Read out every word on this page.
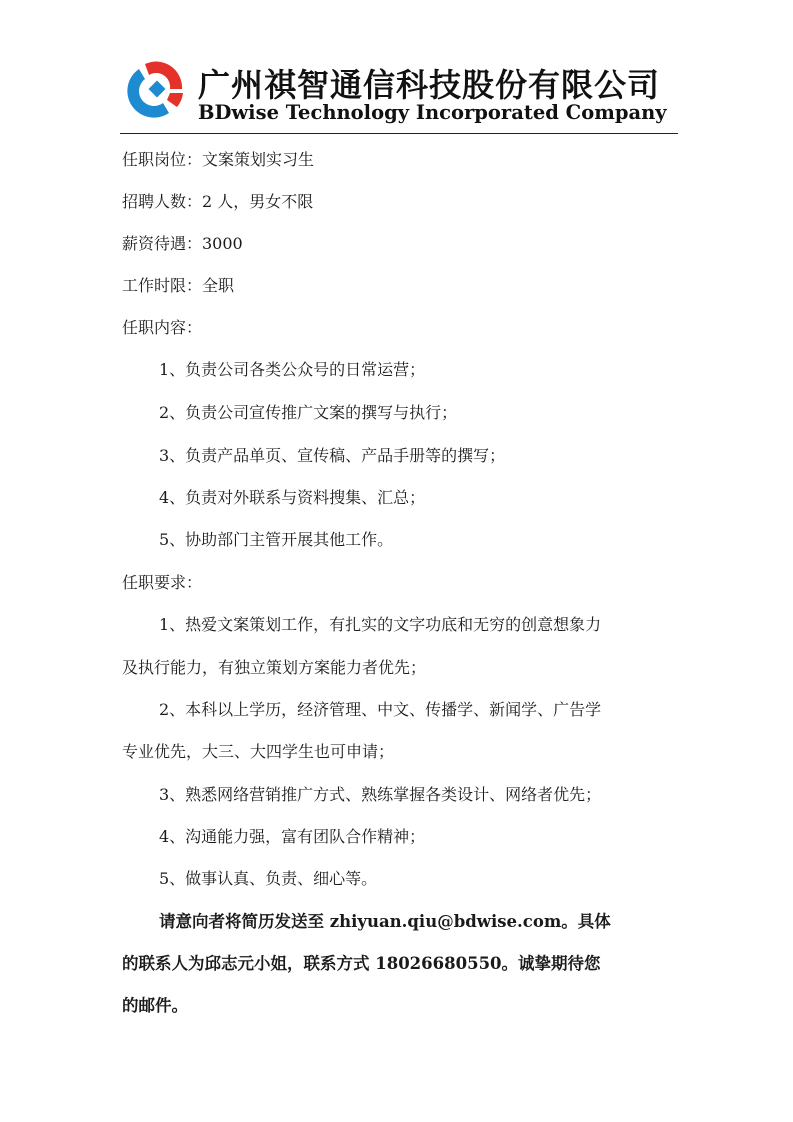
广州祺智通信科技股份有限公司
BDwise Technology Incorporated Company
任职岗位：文案策划实习生
招聘人数：2 人，男女不限
薪资待遇：3000
工作时限：全职
任职内容：
1、负责公司各类公众号的日常运营；
2、负责公司宣传推广文案的撰写与执行；
3、负责产品单页、宣传稿、产品手册等的撰写；
4、负责对外联系与资料搜集、汇总；
5、协助部门主管开展其他工作。
任职要求：
1、热爱文案策划工作，有扎实的文字功底和无穷的创意想象力
及执行能力，有独立策划方案能力者优先；
2、本科以上学历，经济管理、中文、传播学、新闻学、广告学
专业优先，大三、大四学生也可申请；
3、熟悉网络营销推广方式、熟练掌握各类设计、网络者优先；
4、沟通能力强，富有团队合作精神；
5、做事认真、负责、细心等。
请意向者将简历发送至 zhiyuan.qiu@bdwise.com。具体
的联系人为邱志元小姐，联系方式 18026680550。诚挚期待您
的邮件。
